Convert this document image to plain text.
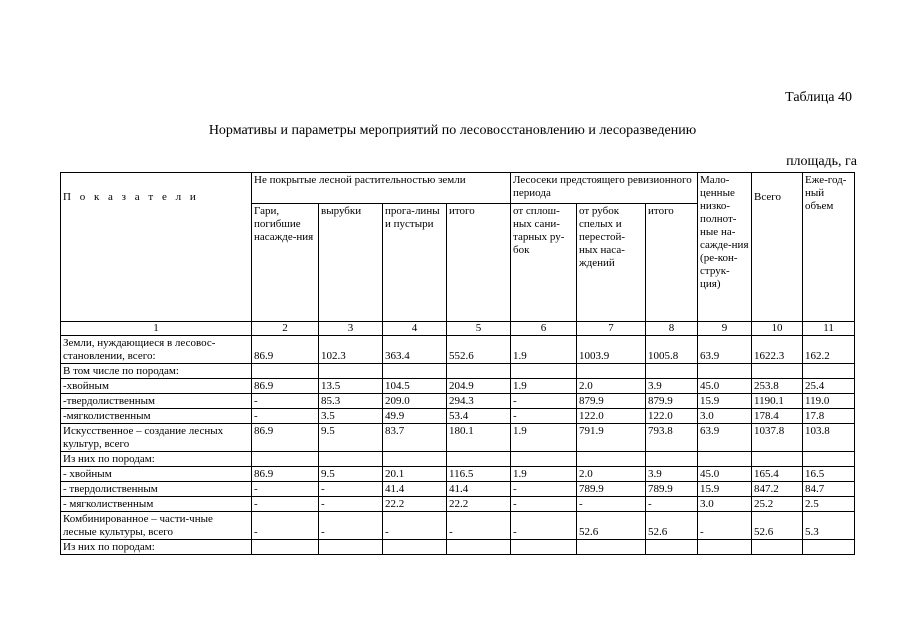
Таблица 40
Нормативы и параметры мероприятий по лесовосстановлению и лесоразведению
площадь, га
П о к а з а т е л и	Не покрытые лесной растительностью земли				Лесосеки предстоящего ревизионного периода			Мало-ценные низко-полнот-ные на-сажде-ния (ре-кон-струк-ция)	Всего	Еже-год-ный объем
	Гари, погибшие насажде-ния	вырубки	прога-лины и пустыри	итого	от сплош-ных сани-тарных ру-бок	от рубок спелых и перестой-ных наса-ждений	итого			
1	2	3	4	5	6	7	8	9	10	11
Земли, нуждающиеся в лесовос-становлении, всего:	86.9	102.3	363.4	552.6	1.9	1003.9	1005.8	63.9	1622.3	162.2
В том числе по породам:										
-хвойным	86.9	13.5	104.5	204.9	1.9	2.0	3.9	45.0	253.8	25.4
-твердолиственным	-	85.3	209.0	294.3	-	879.9	879.9	15.9	1190.1	119.0
-мягколиственным	-	3.5	49.9	53.4	-	122.0	122.0	3.0	178.4	17.8
Искусственное – создание лесных культур, всего	86.9	9.5	83.7	180.1	1.9	791.9	793.8	63.9	1037.8	103.8
Из них по породам:										
- хвойным	86.9	9.5	20.1	116.5	1.9	2.0	3.9	45.0	165.4	16.5
- твердолиственным	-	-	41.4	41.4	-	789.9	789.9	15.9	847.2	84.7
- мягколиственным	-	-	22.2	22.2	-	-	-	3.0	25.2	2.5
Комбинированное – части-чные лесные культуры, всего	-	-	-	-	-	52.6	52.6	-	52.6	5.3
Из них по породам:										
